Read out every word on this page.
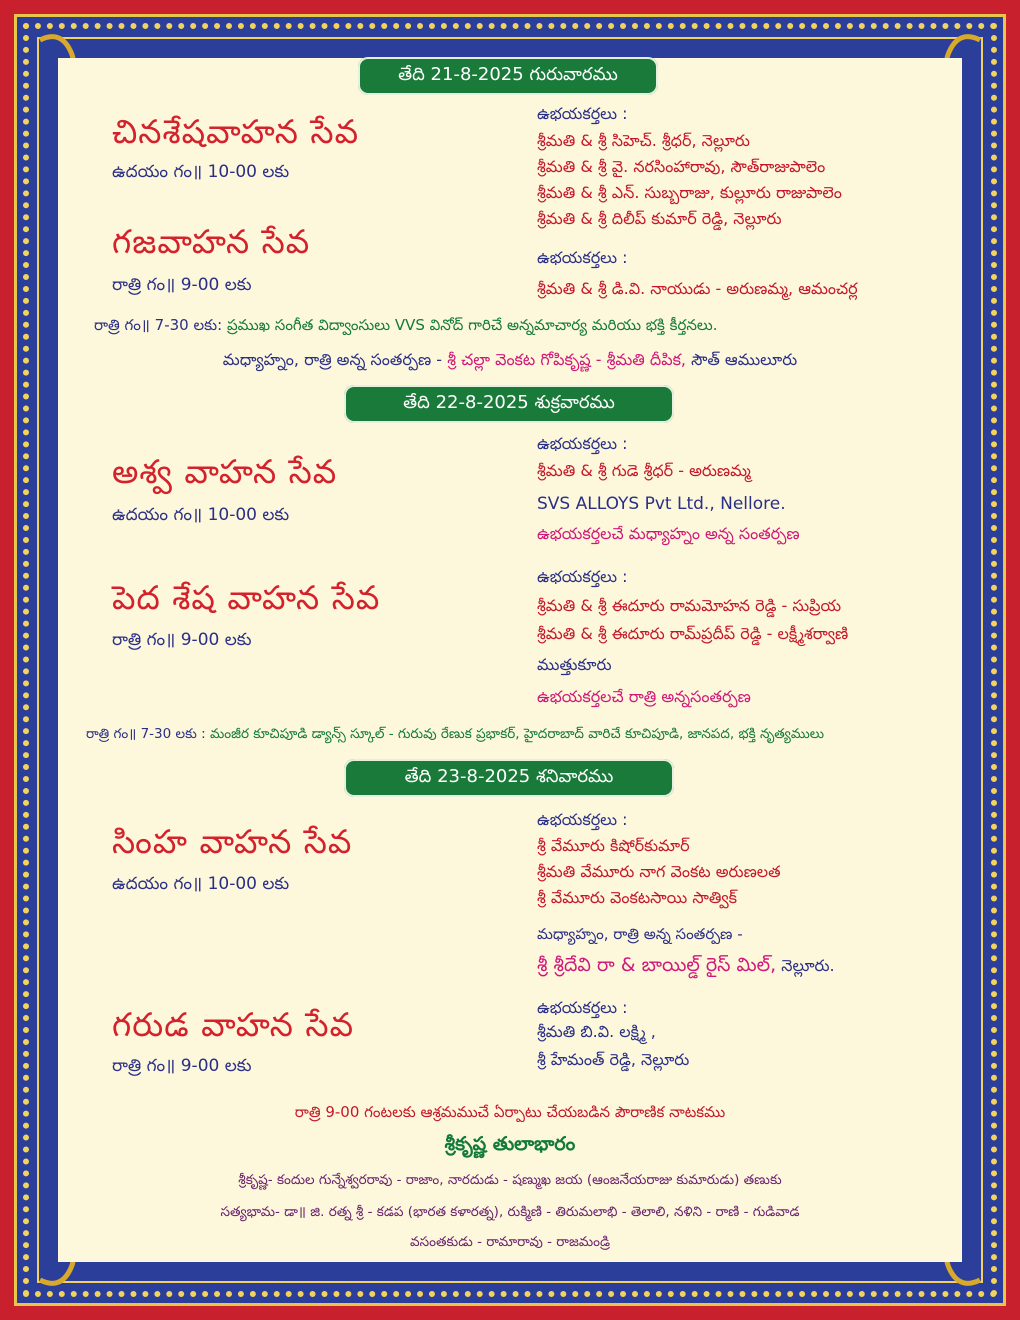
తేది 21-8-2025 గురువారము
చినశేషవాహన సేవ
ఉదయం గం॥ 10-00 లకు
ఉభయకర్తలు :
శ్రీమతి & శ్రీ సిహెచ్. శ్రీధర్, నెల్లూరు
శ్రీమతి & శ్రీ వై. నరసింహారావు, సౌత్‌రాజుపాలెం
శ్రీమతి & శ్రీ ఎన్. సుబ్బరాజు, కుల్లూరు రాజుపాలెం
శ్రీమతి & శ్రీ దిలీప్ కుమార్ రెడ్డి, నెల్లూరు
గజవాహన సేవ
రాత్రి గం॥ 9-00 లకు
ఉభయకర్తలు :
శ్రీమతి & శ్రీ డి.వి. నాయుడు - అరుణమ్మ, ఆమంచర్ల
రాత్రి గం॥ 7-30 లకు: ప్రముఖ సంగీత విద్వాంసులు VVS వినోద్ గారిచే అన్నమాచార్య మరియు భక్తి కీర్తనలు.
మధ్యాహ్నం, రాత్రి అన్న సంతర్పణ - శ్రీ చల్లా వెంకట గోపికృష్ణ - శ్రీమతి దీపిక, సౌత్ ఆములూరు
తేది 22-8-2025 శుక్రవారము
అశ్వ వాహన సేవ
ఉదయం గం॥ 10-00 లకు
ఉభయకర్తలు :
శ్రీమతి & శ్రీ గుడె శ్రీధర్ - అరుణమ్మ
SVS ALLOYS Pvt Ltd., Nellore.
ఉభయకర్తలచే మధ్యాహ్నం అన్న సంతర్పణ
పెద శేష వాహన సేవ
రాత్రి గం॥ 9-00 లకు
ఉభయకర్తలు :
శ్రీమతి & శ్రీ ఈదూరు రామమోహన రెడ్డి - సుప్రియ
శ్రీమతి & శ్రీ ఈదూరు రామ్‌ప్రదీప్ రెడ్డి - లక్ష్మీశర్వాణి
ముత్తుకూరు
ఉభయకర్తలచే రాత్రి అన్నసంతర్పణ
రాత్రి గం॥ 7-30 లకు : మంజీర కూచిపూడి డ్యాన్స్ స్కూల్ - గురువు రేణుక ప్రభాకర్, హైదరాబాద్ వారిచే కూచిపూడి, జానపద, భక్తి నృత్యములు
తేది 23-8-2025 శనివారము
సింహ వాహన సేవ
ఉదయం గం॥ 10-00 లకు
ఉభయకర్తలు :
శ్రీ వేమూరు కిషోర్‌కుమార్
శ్రీమతి వేమూరు నాగ వెంకట అరుణలత
శ్రీ వేమూరు వెంకటసాయి సాత్విక్
మధ్యాహ్నం, రాత్రి అన్న సంతర్పణ -
శ్రీ శ్రీదేవి రా & బాయిల్డ్ రైస్ మిల్, నెల్లూరు.
గరుడ వాహన సేవ
రాత్రి గం॥ 9-00 లకు
ఉభయకర్తలు :
శ్రీమతి బి.వి. లక్ష్మి ,
శ్రీ హేమంత్ రెడ్డి, నెల్లూరు
రాత్రి 9-00 గంటలకు ఆశ్రమముచే ఏర్పాటు చేయబడిన పౌరాణిక నాటకము
శ్రీకృష్ణ తులాభారం
శ్రీకృష్ణ- కందుల గున్నేశ్వరరావు - రాజాం, నారదుడు - షణ్ముఖ జయ (ఆంజనేయరాజు కుమారుడు) తణుకు
సత్యభామ- డా॥ జి. రత్న శ్రీ - కడప (భారత కళారత్న), రుక్మిణి - తిరుమలాభి - తెలాలి, నళిని - రాణి - గుడివాడ
వసంతకుడు - రామారావు - రాజమండ్రి
